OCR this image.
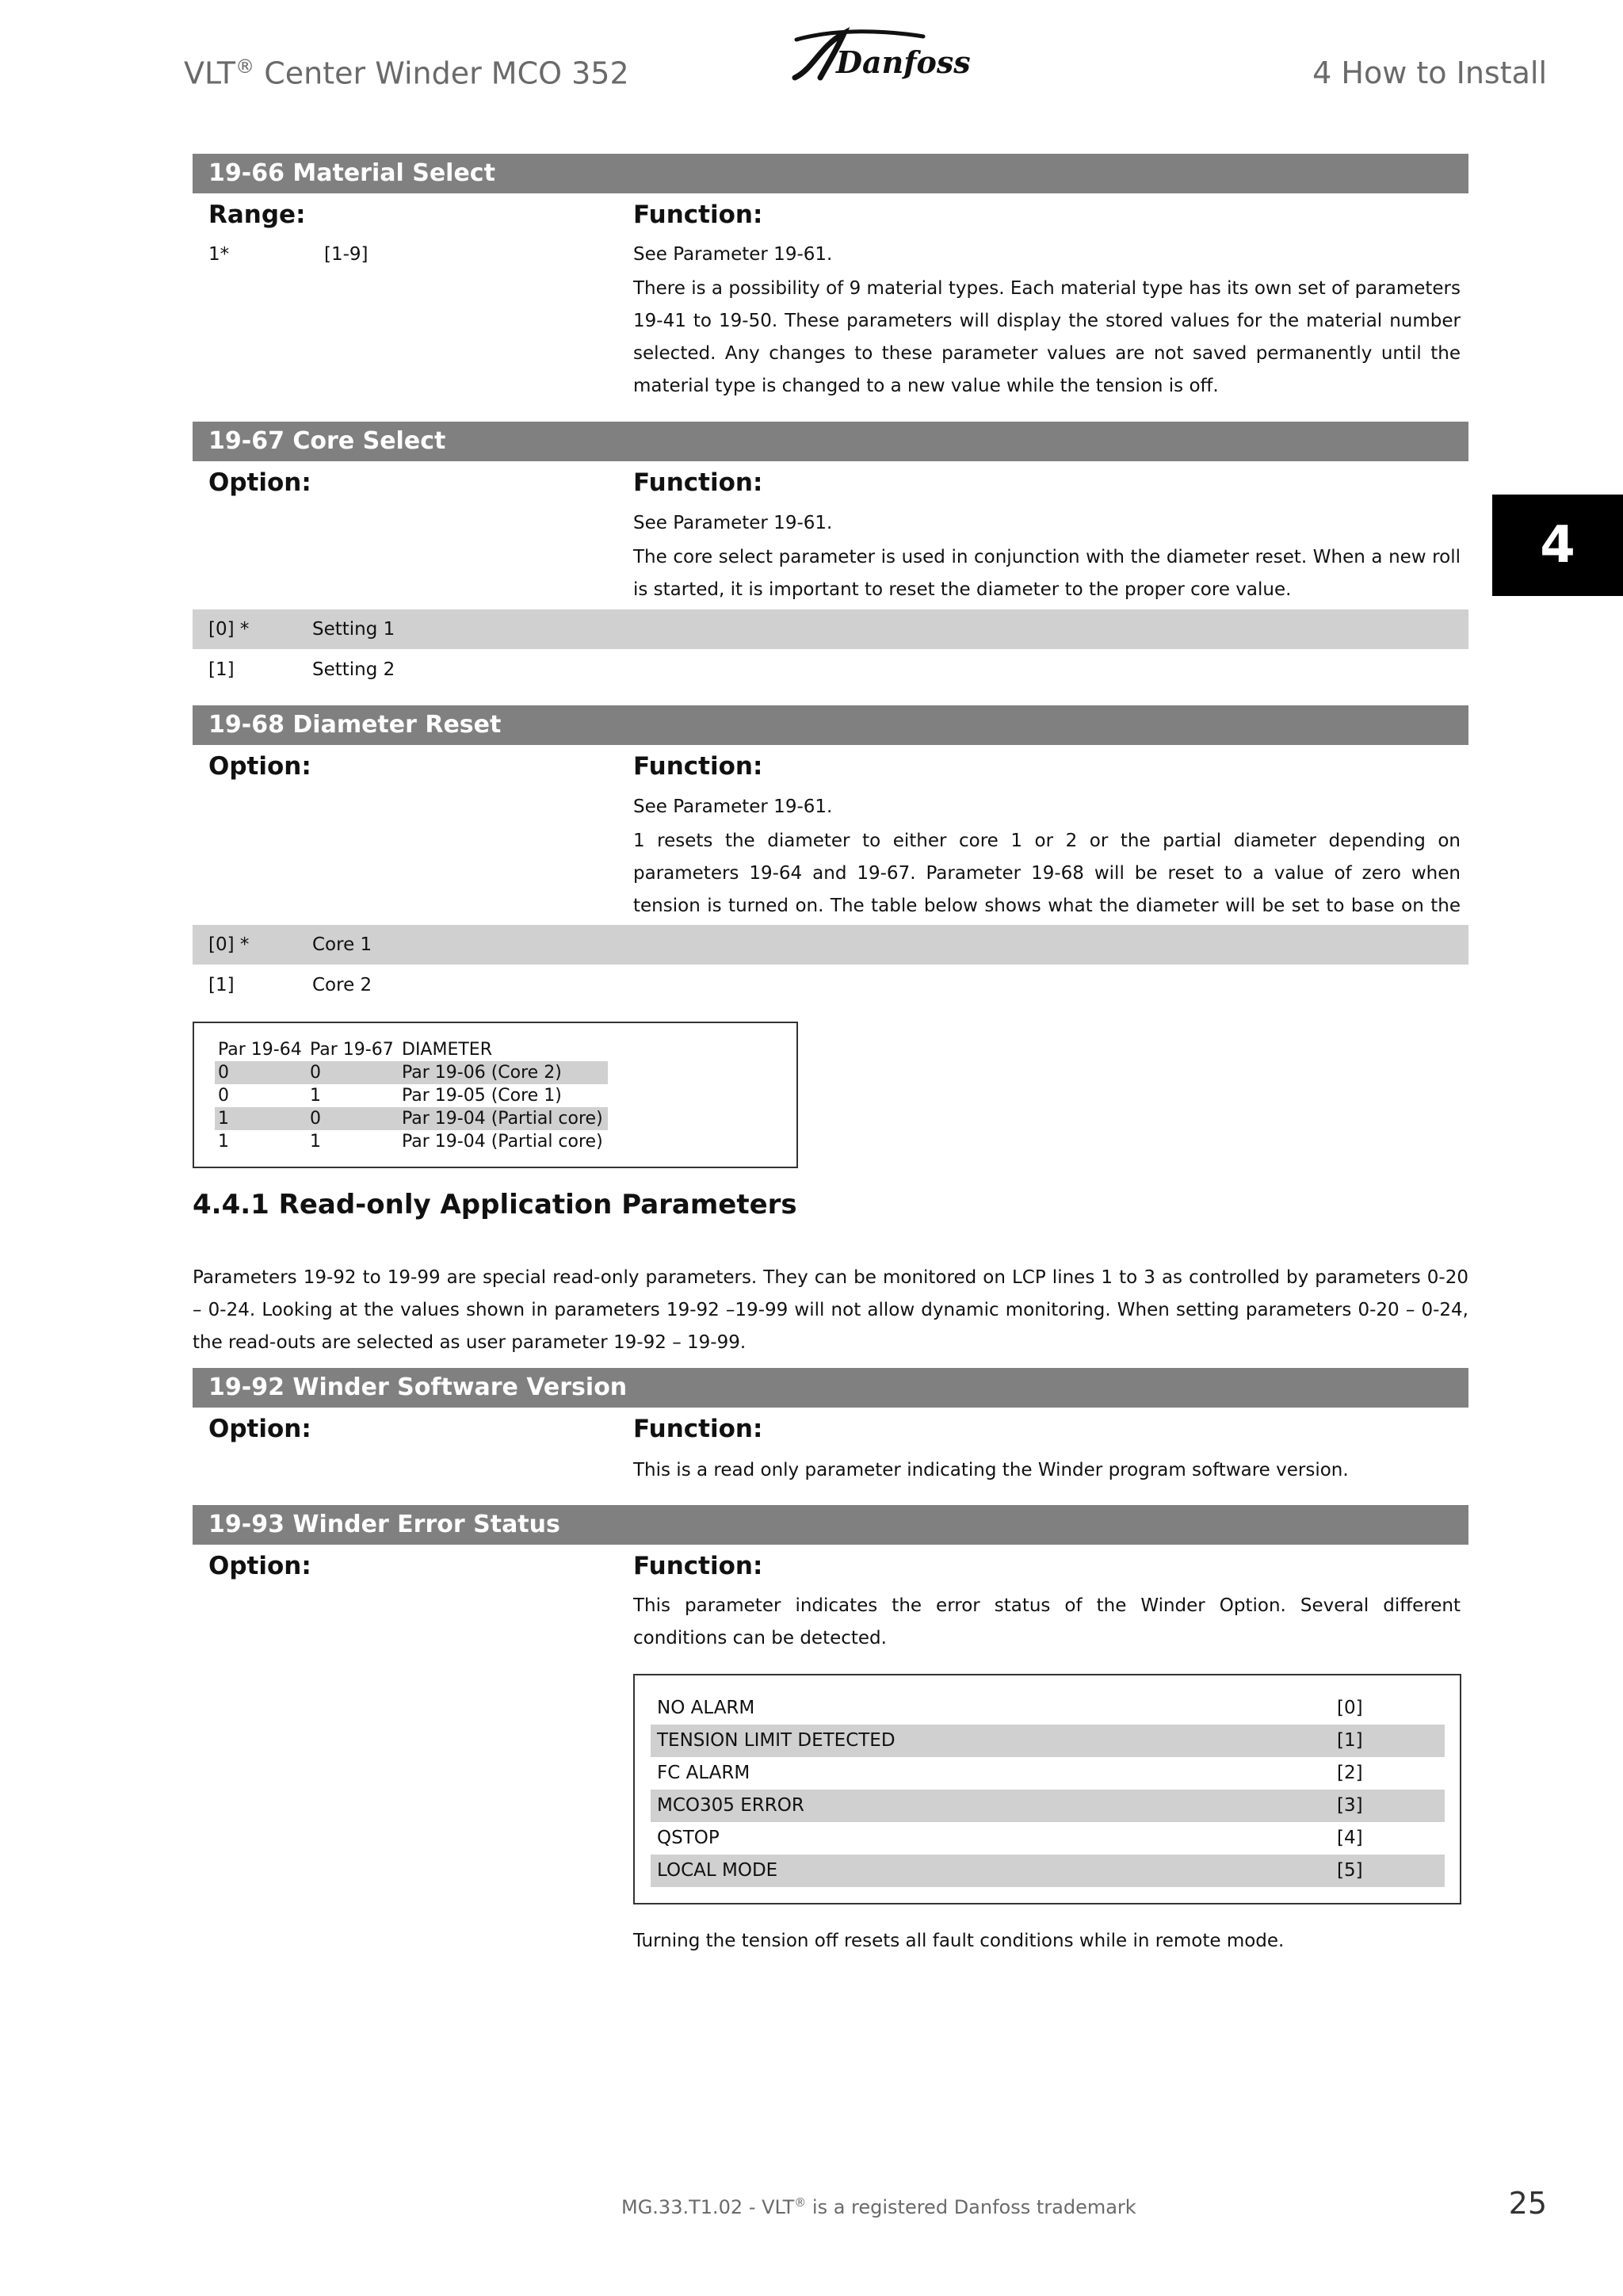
VLT® Center Winder MCO 352	Danfoss	4 How to Install
4
19-66 Material Select
Range:	Function:
1*	[1-9]	See Parameter 19-61.
There is a possibility of 9 material types. Each material type has its own set of parameters 19-41 to 19-50. These parameters will display the stored values for the material number selected. Any changes to these parameter values are not saved permanently until the material type is changed to a new value while the tension is off.
19-67 Core Select
Option:	Function:
See Parameter 19-61.
The core select parameter is used in conjunction with the diameter reset. When a new roll is started, it is important to reset the diameter to the proper core value.
[0] *	Setting 1
[1]	Setting 2
19-68 Diameter Reset
Option:	Function:
See Parameter 19-61.
1 resets the diameter to either core 1 or 2 or the partial diameter depending on parameters 19-64 and 19-67. Parameter 19-68 will be reset to a value of zero when tension is turned on. The table below shows what the diameter will be set to base on the
[0] *	Core 1
[1]	Core 2
Par 19-64 Par 19-67 DIAMETER
0	0	Par 19-06 (Core 2)
0	1	Par 19-05 (Core 1)
1	0	Par 19-04 (Partial core)
1	1	Par 19-04 (Partial core)
4.4.1 Read-only Application Parameters
Parameters 19-92 to 19-99 are special read-only parameters. They can be monitored on LCP lines 1 to 3 as controlled by parameters 0-20 – 0-24. Looking at the values shown in parameters 19-92 –19-99 will not allow dynamic monitoring. When setting parameters 0-20 – 0-24, the read-outs are selected as user parameter 19-92 – 19-99.
19-92 Winder Software Version
Option:	Function:
This is a read only parameter indicating the Winder program software version.
19-93 Winder Error Status
Option:	Function:
This parameter indicates the error status of the Winder Option. Several different conditions can be detected.
NO ALARM	[0]
TENSION LIMIT DETECTED	[1]
FC ALARM	[2]
MCO305 ERROR	[3]
QSTOP	[4]
LOCAL MODE	[5]
Turning the tension off resets all fault conditions while in remote mode.
MG.33.T1.02 - VLT® is a registered Danfoss trademark	25
